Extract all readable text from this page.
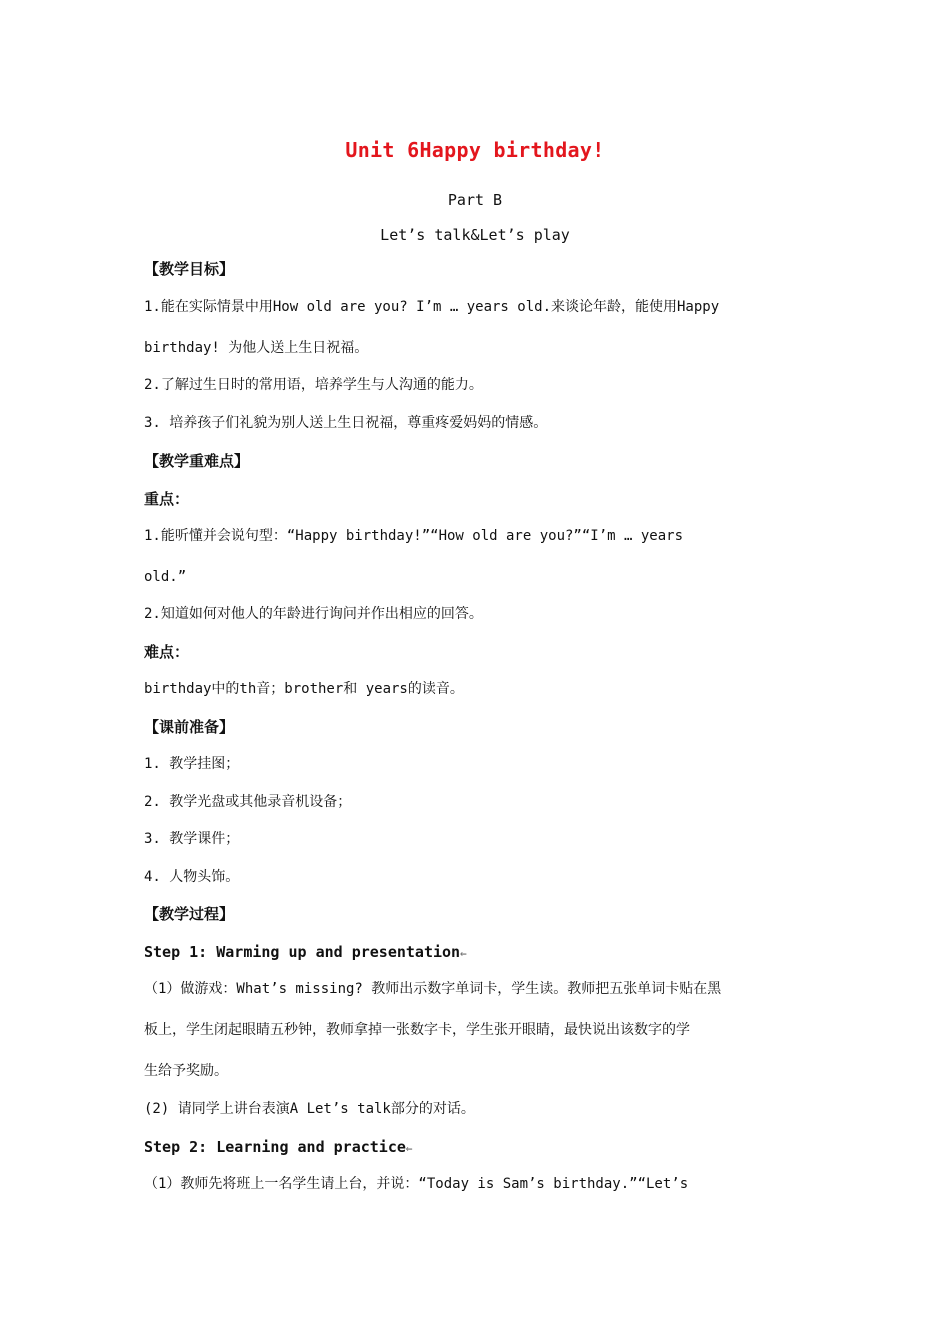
Unit 6Happy birthday!
Part B
Let’s talk&Let’s play
【教学目标】
1.能在实际情景中用How old are you? I’m … years old.来谈论年龄，能使用Happy
birthday! 为他人送上生日祝福。
2.了解过生日时的常用语，培养学生与人沟通的能力。
3. 培养孩子们礼貌为别人送上生日祝福，尊重疼爱妈妈的情感。
【教学重难点】
重点：
1.能听懂并会说句型：“Happy birthday!”“How old are you?”“I’m … years
old.”
2.知道如何对他人的年龄进行询问并作出相应的回答。
难点：
birthday中的th音；brother和 years的读音。
【课前准备】
1. 教学挂图；
2. 教学光盘或其他录音机设备；
3. 教学课件；
4. 人物头饰。
【教学过程】
Step 1: Warming up and presentation⇐
（1）做游戏：What’s missing? 教师出示数字单词卡，学生读。教师把五张单词卡贴在黑
板上，学生闭起眼睛五秒钟，教师拿掉一张数字卡，学生张开眼睛，最快说出该数字的学
生给予奖励。
(2) 请同学上讲台表演A Let’s talk部分的对话。
Step 2: Learning and practice⇐
（1）教师先将班上一名学生请上台，并说：“Today is Sam’s birthday.”“Let’s
